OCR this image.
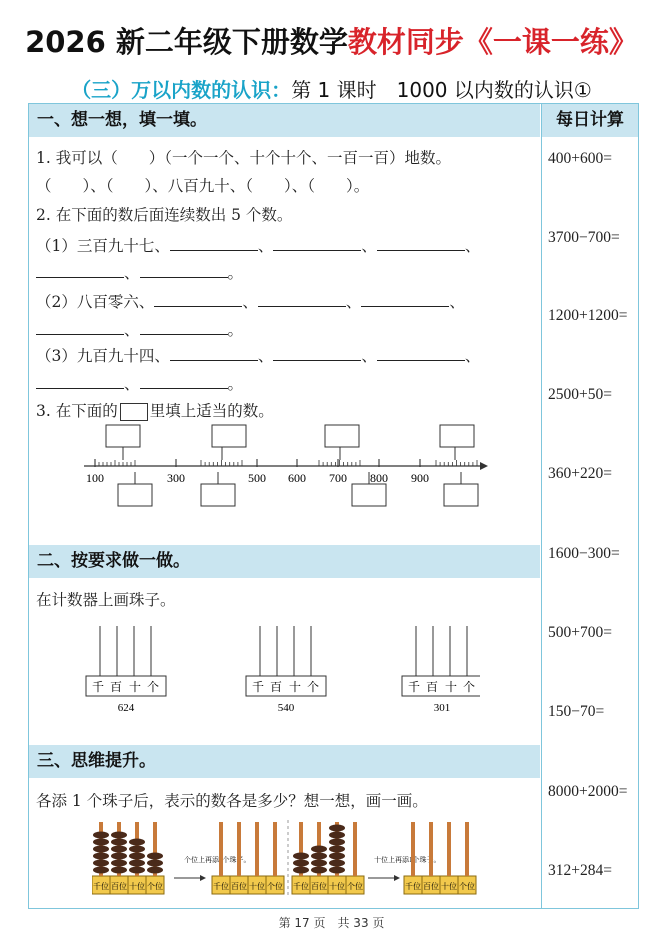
2026 新二年级下册数学教材同步《一课一练》
（三）万以内数的认识：第 1 课时　1000 以内数的认识①
一、想一想，填一填。	每日计算
二、按要求做一做。
三、思维提升。
1. 我可以（　　）（一个一个、十个十个、一百一百）地数。
（　　）、（　　）、八百九十、（　　）、（　　）。
2. 在下面的数后面连续数出 5 个数。
（1）三百九十七、	、	、	、
、	。
（2）八百零六、	、	、	、
、	。
（3）九百九十四、	、	、	、
、	。
3. 在下面的 里填上适当的数。
100	300	500 600 700 800 900
在计数器上画珠子。
千 百 十 个
624
千 百 十 个
540
千 百 十 个
301
各添 1 个珠子后，表示的数各是多少？想一想，画一画。
千位 百位 十位 个位
个位上再添1个珠子。
千位 百位 十位 个位 千位 百位 十位 个位
十位上再添1个珠子。
千位 百位 十位 个位
400+600=
3700−700=
1200+1200=
2500+50=
360+220=
1600−300=
500+700=
150−70=
8000+2000=
312+284=
第 17 页　共 33 页
